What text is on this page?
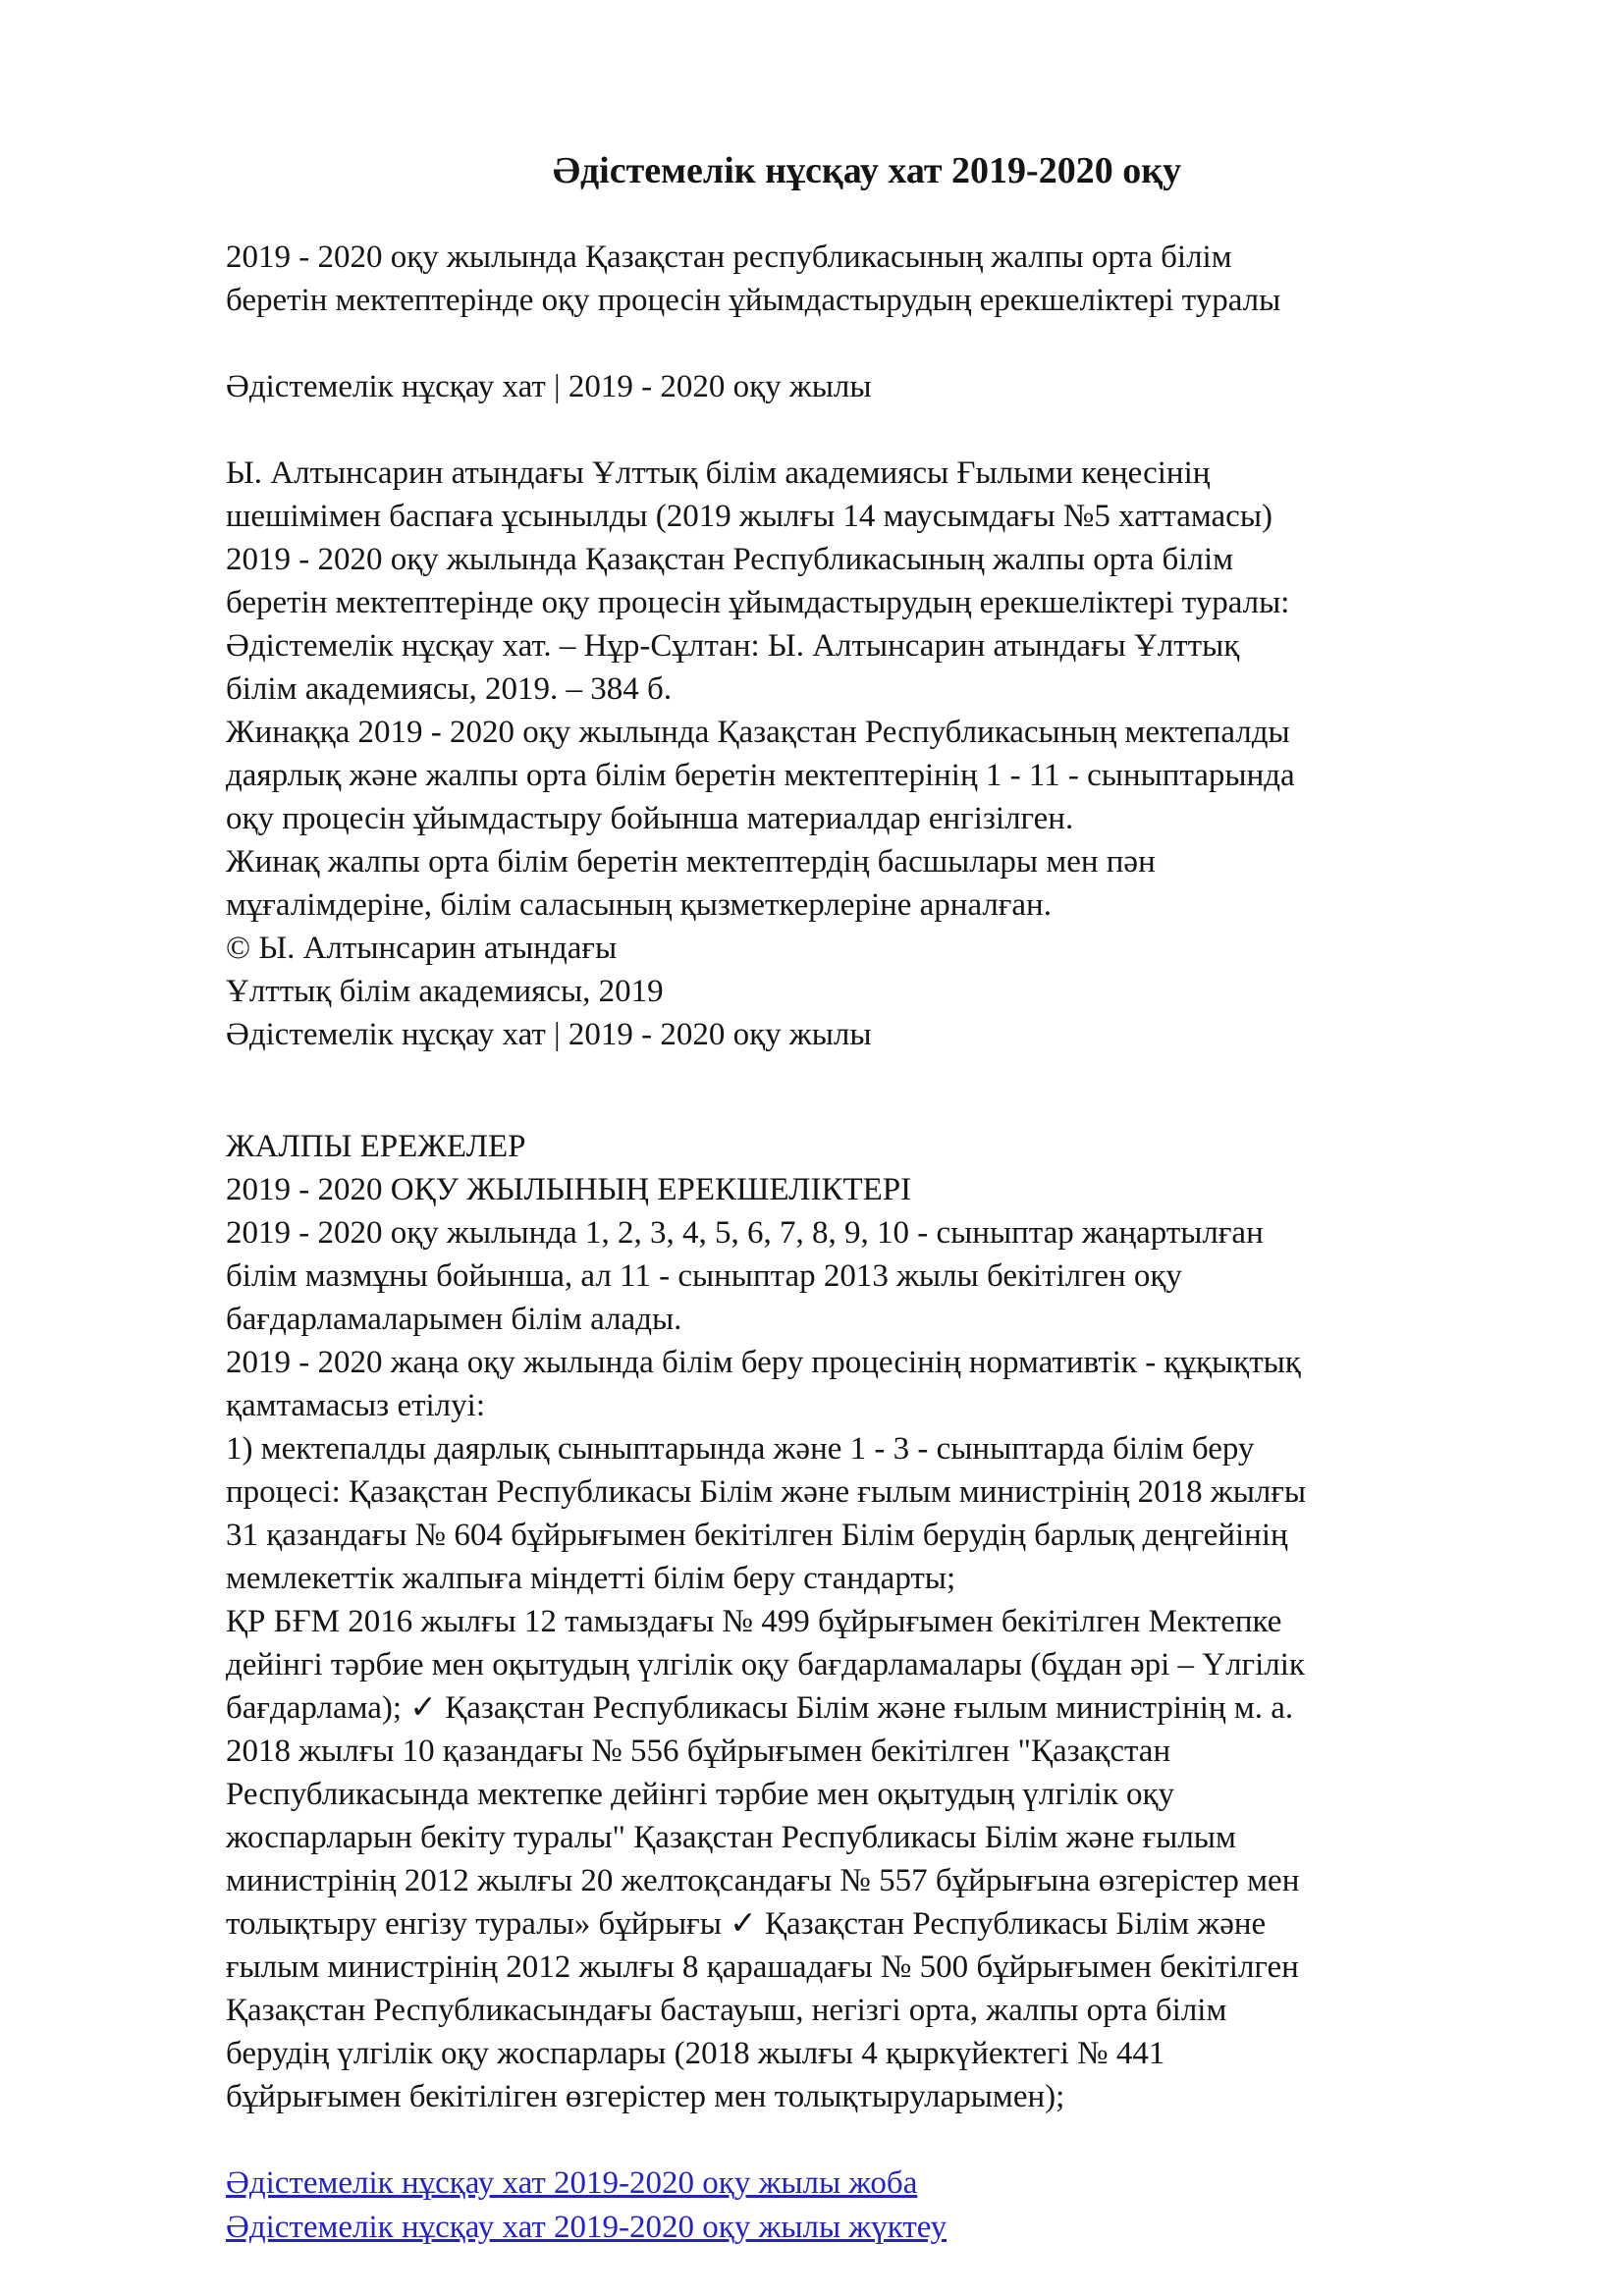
Әдістемелік нұсқау хат 2019-2020 оқу
2019 - 2020 оқу жылында Қазақстан республикасының жалпы орта білім
беретін мектептерінде оқу процесін ұйымдастырудың ерекшеліктері туралы
Әдістемелік нұсқау хат | 2019 - 2020 оқу жылы
Ы. Алтынсарин атындағы Ұлттық білім академиясы Ғылыми кеңесінің
шешімімен баспаға ұсынылды (2019 жылғы 14 маусымдағы №5 хаттамасы)
2019 - 2020 оқу жылында Қазақстан Республикасының жалпы орта білім
беретін мектептерінде оқу процесін ұйымдастырудың ерекшеліктері туралы:
Әдістемелік нұсқау хат. – Нұр-Сұлтан: Ы. Алтынсарин атындағы Ұлттық
білім академиясы, 2019. – 384 б.
Жинаққа 2019 - 2020 оқу жылында Қазақстан Республикасының мектепалды
даярлық және жалпы орта білім беретін мектептерінің 1 - 11 - сыныптарында
оқу процесін ұйымдастыру бойынша материалдар енгізілген.
Жинақ жалпы орта білім беретін мектептердің басшылары мен пән
мұғалімдеріне, білім саласының қызметкерлеріне арналған.
© Ы. Алтынсарин атындағы
Ұлттық білім академиясы, 2019
Әдістемелік нұсқау хат | 2019 - 2020 оқу жылы
ЖАЛПЫ ЕРЕЖЕЛЕР
2019 - 2020 ОҚУ ЖЫЛЫНЫҢ ЕРЕКШЕЛІКТЕРІ
2019 - 2020 оқу жылында 1, 2, 3, 4, 5, 6, 7, 8, 9, 10 - сыныптар жаңартылған
білім мазмұны бойынша, ал 11 - сыныптар 2013 жылы бекітілген оқу
бағдарламаларымен білім алады.
2019 - 2020 жаңа оқу жылында білім беру процесінің нормативтік - құқықтық
қамтамасыз етілуі:
1) мектепалды даярлық сыныптарында және 1 - 3 - сыныптарда білім беру
процесі: Қазақстан Республикасы Білім және ғылым министрінің 2018 жылғы
31 қазандағы № 604 бұйрығымен бекітілген Білім берудің барлық деңгейінің
мемлекеттік жалпыға міндетті білім беру стандарты;
ҚР БҒМ 2016 жылғы 12 тамыздағы № 499 бұйрығымен бекітілген Мектепке
дейінгі тәрбие мен оқытудың үлгілік оқу бағдарламалары (бұдан әрі – Үлгілік
бағдарлама); ✓ Қазақстан Республикасы Білім және ғылым министрінің м. а.
2018 жылғы 10 қазандағы № 556 бұйрығымен бекітілген "Қазақстан
Республикасында мектепке дейінгі тәрбие мен оқытудың үлгілік оқу
жоспарларын бекіту туралы" Қазақстан Республикасы Білім және ғылым
министрінің 2012 жылғы 20 желтоқсандағы № 557 бұйрығына өзгерістер мен
толықтыру енгізу туралы» бұйрығы ✓ Қазақстан Республикасы Білім және
ғылым министрінің 2012 жылғы 8 қарашадағы № 500 бұйрығымен бекітілген
Қазақстан Республикасындағы бастауыш, негізгі орта, жалпы орта білім
берудің үлгілік оқу жоспарлары (2018 жылғы 4 қыркүйектегі № 441
бұйрығымен бекітіліген өзгерістер мен толықтыруларымен);
Әдістемелік нұсқау хат 2019-2020 оқу жылы жоба
Әдістемелік нұсқау хат 2019-2020 оқу жылы жүктеу
